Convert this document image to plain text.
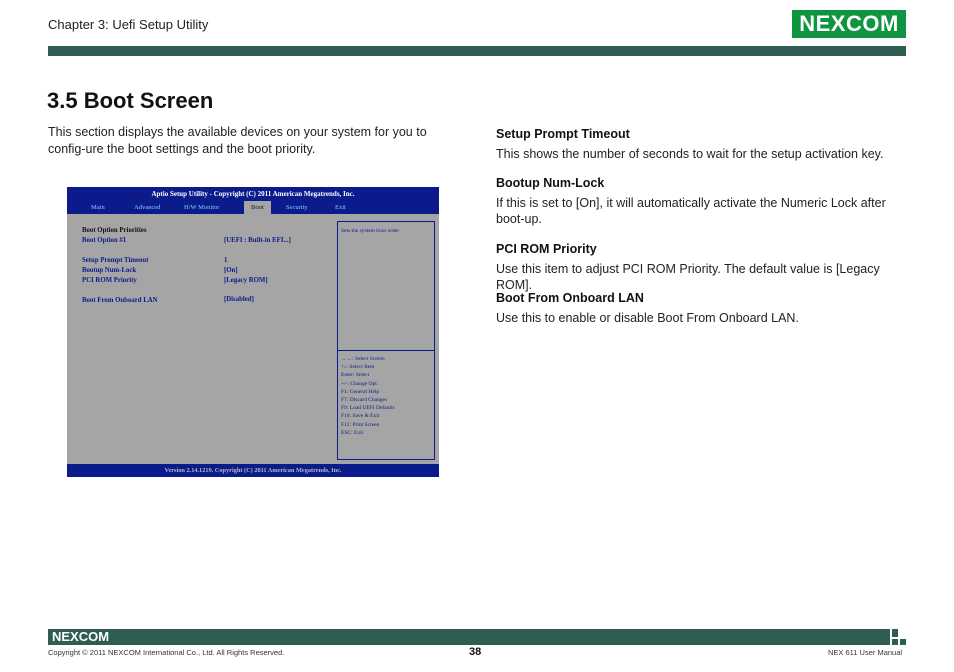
Chapter 3: Uefi Setup Utility	NEXCOM
3.5 Boot Screen
This section displays the available devices on your system for you to config-ure the boot settings and the boot priority.
Aptio Setup Utility - Copyright (C) 2011 American Megatrends, Inc.
Main	Advanced	H/W Monitor	Boot	Security	Exit
Boot Option Priorities
Boot Option #1	[UEFI : Built-in EFI...]
Setup Prompt Timeout	1
Bootup Num-Lock	[On]
PCI ROM Priority	[Legacy ROM]
Boot From Onboard LAN	[Disabled]
Sets the system boot order
→←: Select Screen
↑↓: Select Item
Enter: Select
+/-: Change Opt.
F1: General Help
F7: Discard Changes
F9: Load UEFI Defaults
F10: Save & Exit
F12: Print Screen
ESC: Exit
Version 2.14.1219. Copyright (C) 2011 American Megatrends, Inc.
Setup Prompt Timeout

This shows the number of seconds to wait for the setup activation key.

Bootup Num-Lock

If this is set to [On], it will automatically activate the Numeric Lock after boot-up.

PCI ROM Priority

Use this item to adjust PCI ROM Priority. The default value is [Legacy ROM].

Boot From Onboard LAN

Use this to enable or disable Boot From Onboard LAN.

NEXCOM
Copyright © 2011 NEXCOM International Co., Ltd. All Rights Reserved.	38	NEX 611 User Manual
